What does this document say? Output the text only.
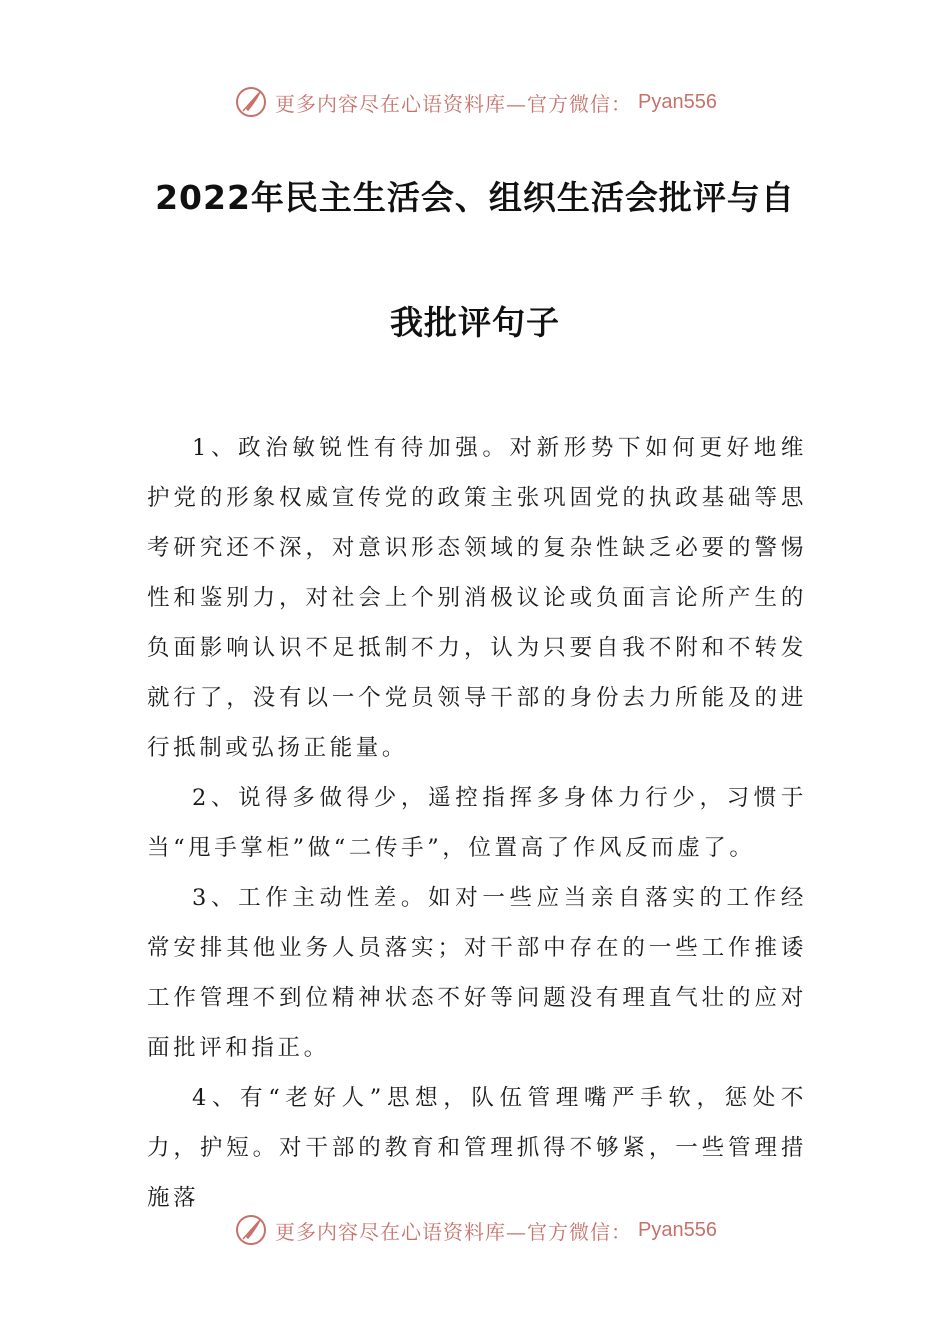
更多内容尽在心语资料库—官方微信： Pyan556
2022年民主生活会、组织生活会批评与自
我批评句子

1、政治敏锐性有待加强。对新形势下如何更好地维护党的形象权威宣传党的政策主张巩固党的执政基础等思考研究还不深，对意识形态领域的复杂性缺乏必要的警惕性和鉴别力，对社会上个别消极议论或负面言论所产生的负面影响认识不足抵制不力，认为只要自我不附和不转发就行了，没有以一个党员领导干部的身份去力所能及的进行抵制或弘扬正能量。

2、说得多做得少，遥控指挥多身体力行少，习惯于当“甩手掌柜”做“二传手”，位置高了作风反而虚了。

3、工作主动性差。如对一些应当亲自落实的工作经常安排其他业务人员落实；对干部中存在的一些工作推诿工作管理不到位精神状态不好等问题没有理直气壮的应对面批评和指正。

4、有“老好人”思想，队伍管理嘴严手软，惩处不力，护短。对干部的教育和管理抓得不够紧，一些管理措施落

更多内容尽在心语资料库—官方微信： Pyan556
